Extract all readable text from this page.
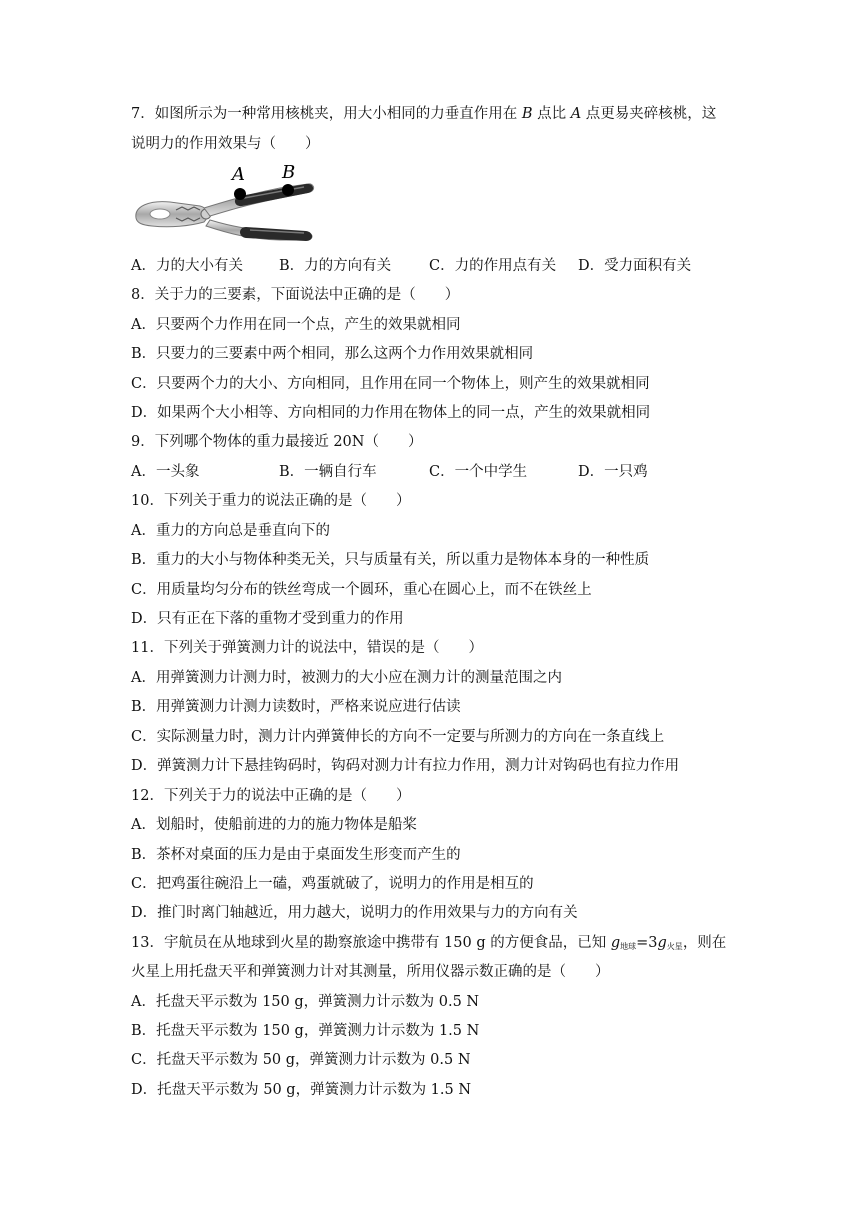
7．如图所示为一种常用核桃夹，用大小相同的力垂直作用在 B 点比 A 点更易夹碎核桃，这
说明力的作用效果与（　　）
A B
A．力的大小有关 B．力的方向有关	C．力的作用点有关 D．受力面积有关
8．关于力的三要素，下面说法中正确的是（　　）
A．只要两个力作用在同一个点，产生的效果就相同
B．只要力的三要素中两个相同，那么这两个力作用效果就相同
C．只要两个力的大小、方向相同，且作用在同一个物体上，则产生的效果就相同
D．如果两个大小相等、方向相同的力作用在物体上的同一点，产生的效果就相同
9．下列哪个物体的重力最接近 20N（　　）
A．一头象	B．一辆自行车	C．一个中学生	D．一只鸡
10．下列关于重力的说法正确的是（　　）
A．重力的方向总是垂直向下的
B．重力的大小与物体种类无关，只与质量有关，所以重力是物体本身的一种性质
C．用质量均匀分布的铁丝弯成一个圆环，重心在圆心上，而不在铁丝上
D．只有正在下落的重物才受到重力的作用
11．下列关于弹簧测力计的说法中，错误的是（　　）
A．用弹簧测力计测力时，被测力的大小应在测力计的测量范围之内
B．用弹簧测力计测力读数时，严格来说应进行估读
C．实际测量力时，测力计内弹簧伸长的方向不一定要与所测力的方向在一条直线上
D．弹簧测力计下悬挂钩码时，钩码对测力计有拉力作用，测力计对钩码也有拉力作用
12．下列关于力的说法中正确的是（　　）
A．划船时，使船前进的力的施力物体是船桨
B．茶杯对桌面的压力是由于桌面发生形变而产生的
C．把鸡蛋往碗沿上一磕，鸡蛋就破了，说明力的作用是相互的
D．推门时离门轴越近，用力越大，说明力的作用效果与力的方向有关
13．宇航员在从地球到火星的勘察旅途中携带有 150 g 的方便食品，已知 $g_{地球}=3g_{火星}$，则在
火星上用托盘天平和弹簧测力计对其测量，所用仪器示数正确的是（　　）
A．托盘天平示数为 150 g，弹簧测力计示数为 0.5 N
B．托盘天平示数为 150 g，弹簧测力计示数为 1.5 N
C．托盘天平示数为 50 g，弹簧测力计示数为 0.5 N
D．托盘天平示数为 50 g，弹簧测力计示数为 1.5 N
